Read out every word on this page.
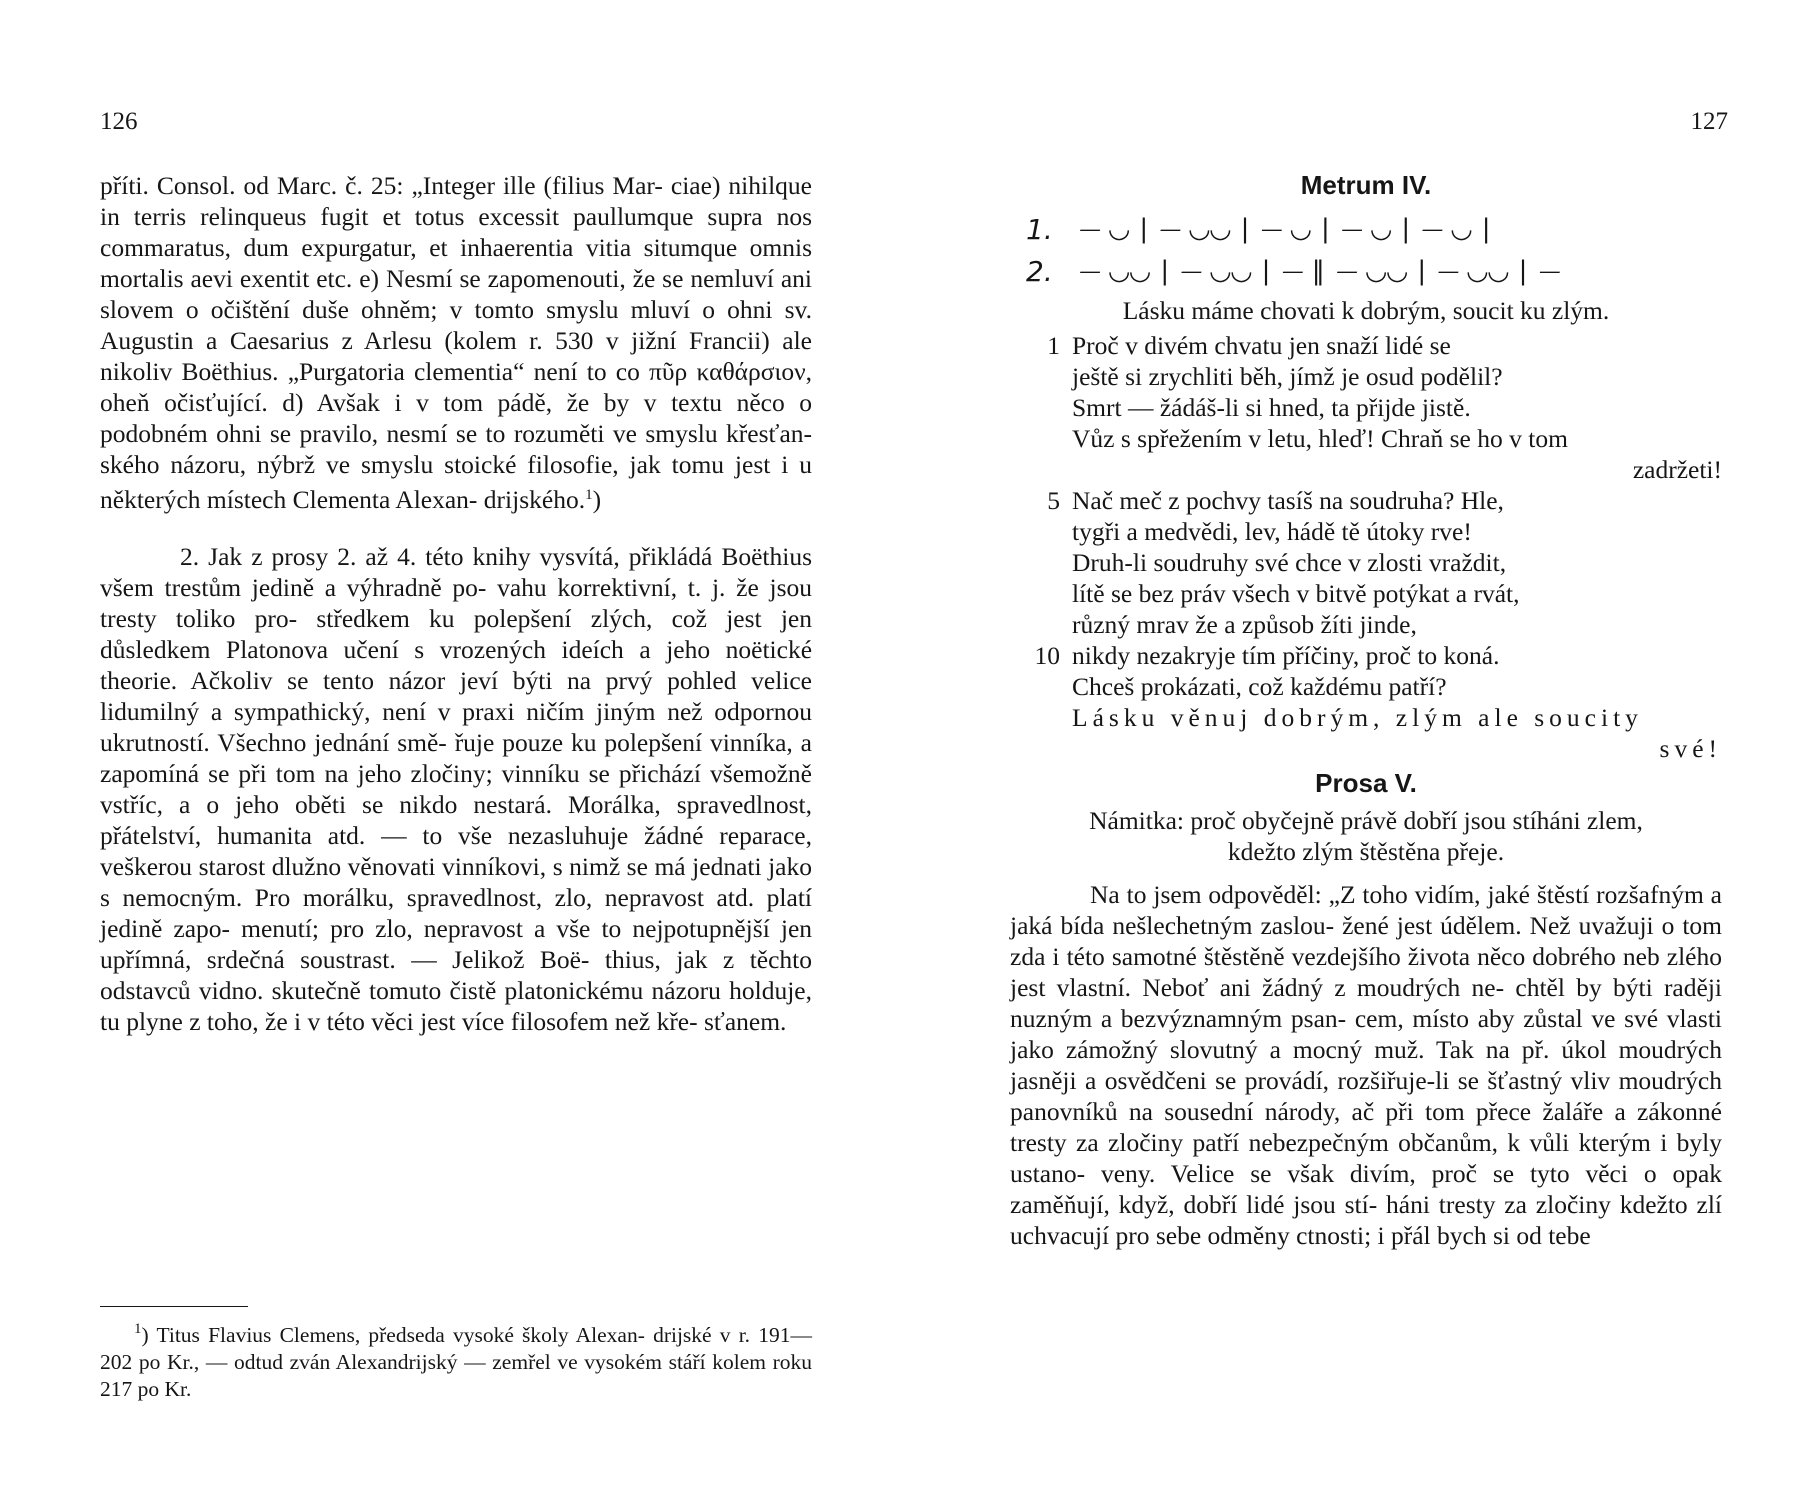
126

příti. Consol. od Marc. č. 25: „Integer ille (filius Mar- ciae) nihilque in terris relinqueus fugit et totus excessit paullumque supra nos commaratus, dum expurgatur, et inhaerentia vitia situmque omnis mortalis aevi exentit etc. e) Nesmí se zapomenouti, že se nemluví ani slovem o očištění duše ohněm; v tomto smyslu mluví o ohni sv. Augustin a Caesarius z Arlesu (kolem r. 530 v jižní Francii) ale nikoliv Boëthius. „Purgatoria clementia“ není to co πῦρ καθάρσιον, oheň očisťující. d) Avšak i v tom pádě, že by v textu něco o podobném ohni se pravilo, nesmí se to rozuměti ve smyslu křesťan- ského názoru, nýbrž ve smyslu stoické filosofie, jak tomu jest i u některých místech Clementa Alexan- drijského.$^1$)

2. Jak z prosy 2. až 4. této knihy vysvítá, přikládá Boëthius všem trestům jedině a výhradně po- vahu korrektivní, t. j. že jsou tresty toliko pro- středkem ku polepšení zlých, což jest jen důsledkem Platonova učení s vrozených ideích a jeho noëtické theorie. Ačkoliv se tento názor jeví býti na prvý pohled velice lidumilný a sympathický, není v praxi ničím jiným než odpornou ukrutností. Všechno jednání smě- řuje pouze ku polepšení vinníka, a zapomíná se při tom na jeho zločiny; vinníku se přichází všemožně vstříc, a o jeho oběti se nikdo nestará. Morálka, spravedlnost, přátelství, humanita atd. — to vše nezasluhuje žádné reparace, veškerou starost dlužno věnovati vinníkovi, s nimž se má jednati jako s nemocným. Pro morálku, spravedlnost, zlo, nepravost atd. platí jedině zapo- menutí; pro zlo, nepravost a vše to nejpotupnější jen upřímná, srdečná soustrast. — Jelikož Boë- thius, jak z těchto odstavců vidno. skutečně tomuto čistě platonickému názoru holduje, tu plyne z toho, že i v této věci jest více filosofem než kře- sťanem.

$^1$) Titus Flavius Clemens, předseda vysoké školy Alexan- drijské v r. 191—202 po Kr., — odtud zván Alexandrijský — zemřel ve vysokém stáří kolem roku 217 po Kr.

127
Metrum IV.
1. ⏤ ◡ | ⏤ ◡◡ | ⏤ ◡ | ⏤ ◡ | ⏤ ◡ |
2. ⏤ ◡◡ | ⏤ ◡◡ | ⏤ ‖ ⏤ ◡◡ | ⏤ ◡◡ | ⏤

Lásku máme chovati k dobrým, soucit ku zlým.

1 Proč v divém chvatu jen snaží lidé se
ještě si zrychliti běh, jímž je osud podělil?
Smrt — žádáš-li si hned, ta přijde jistě.
Vůz s spřežením v letu, hleď! Chraň se ho v tom
zadržeti!
5 Nač meč z pochvy tasíš na soudruha? Hle,
tygři a medvědi, lev, hádě tě útoky rve!
Druh-li soudruhy své chce v zlosti vraždit,
lítě se bez práv všech v bitvě potýkat a rvát,
různý mrav že a způsob žíti jinde,
10 nikdy nezakryje tím příčiny, proč to koná.
Chceš prokázati, což každému patří?
Lásku věnuj dobrým, zlým ale soucity
své!
Prosa V.
Námitka: proč obyčejně právě dobří jsou stíháni zlem,
kdežto zlým štěstěna přeje.

Na to jsem odpověděl: „Z toho vidím, jaké štěstí rozšafným a jaká bída nešlechetným zaslou- žené jest údělem. Než uvažuji o tom zda i této samotné štěstěně vezdejšího života něco dobrého neb zlého jest vlastní. Neboť ani žádný z moudrých ne- chtěl by býti raději nuzným a bezvýznamným psan- cem, místo aby zůstal ve své vlasti jako zámožný slovutný a mocný muž. Tak na př. úkol moudrých jasněji a osvědčeni se provádí, rozšiřuje-li se šťastný vliv moudrých panovníků na sousední národy, ač při tom přece žaláře a zákonné tresty za zločiny patří nebezpečným občanům, k vůli kterým i byly ustano- veny. Velice se však divím, proč se tyto věci o opak zaměňují, když, dobří lidé jsou stí- háni tresty za zločiny kdežto zlí uchvacují pro sebe odměny ctnosti; i přál bych si od tebe
